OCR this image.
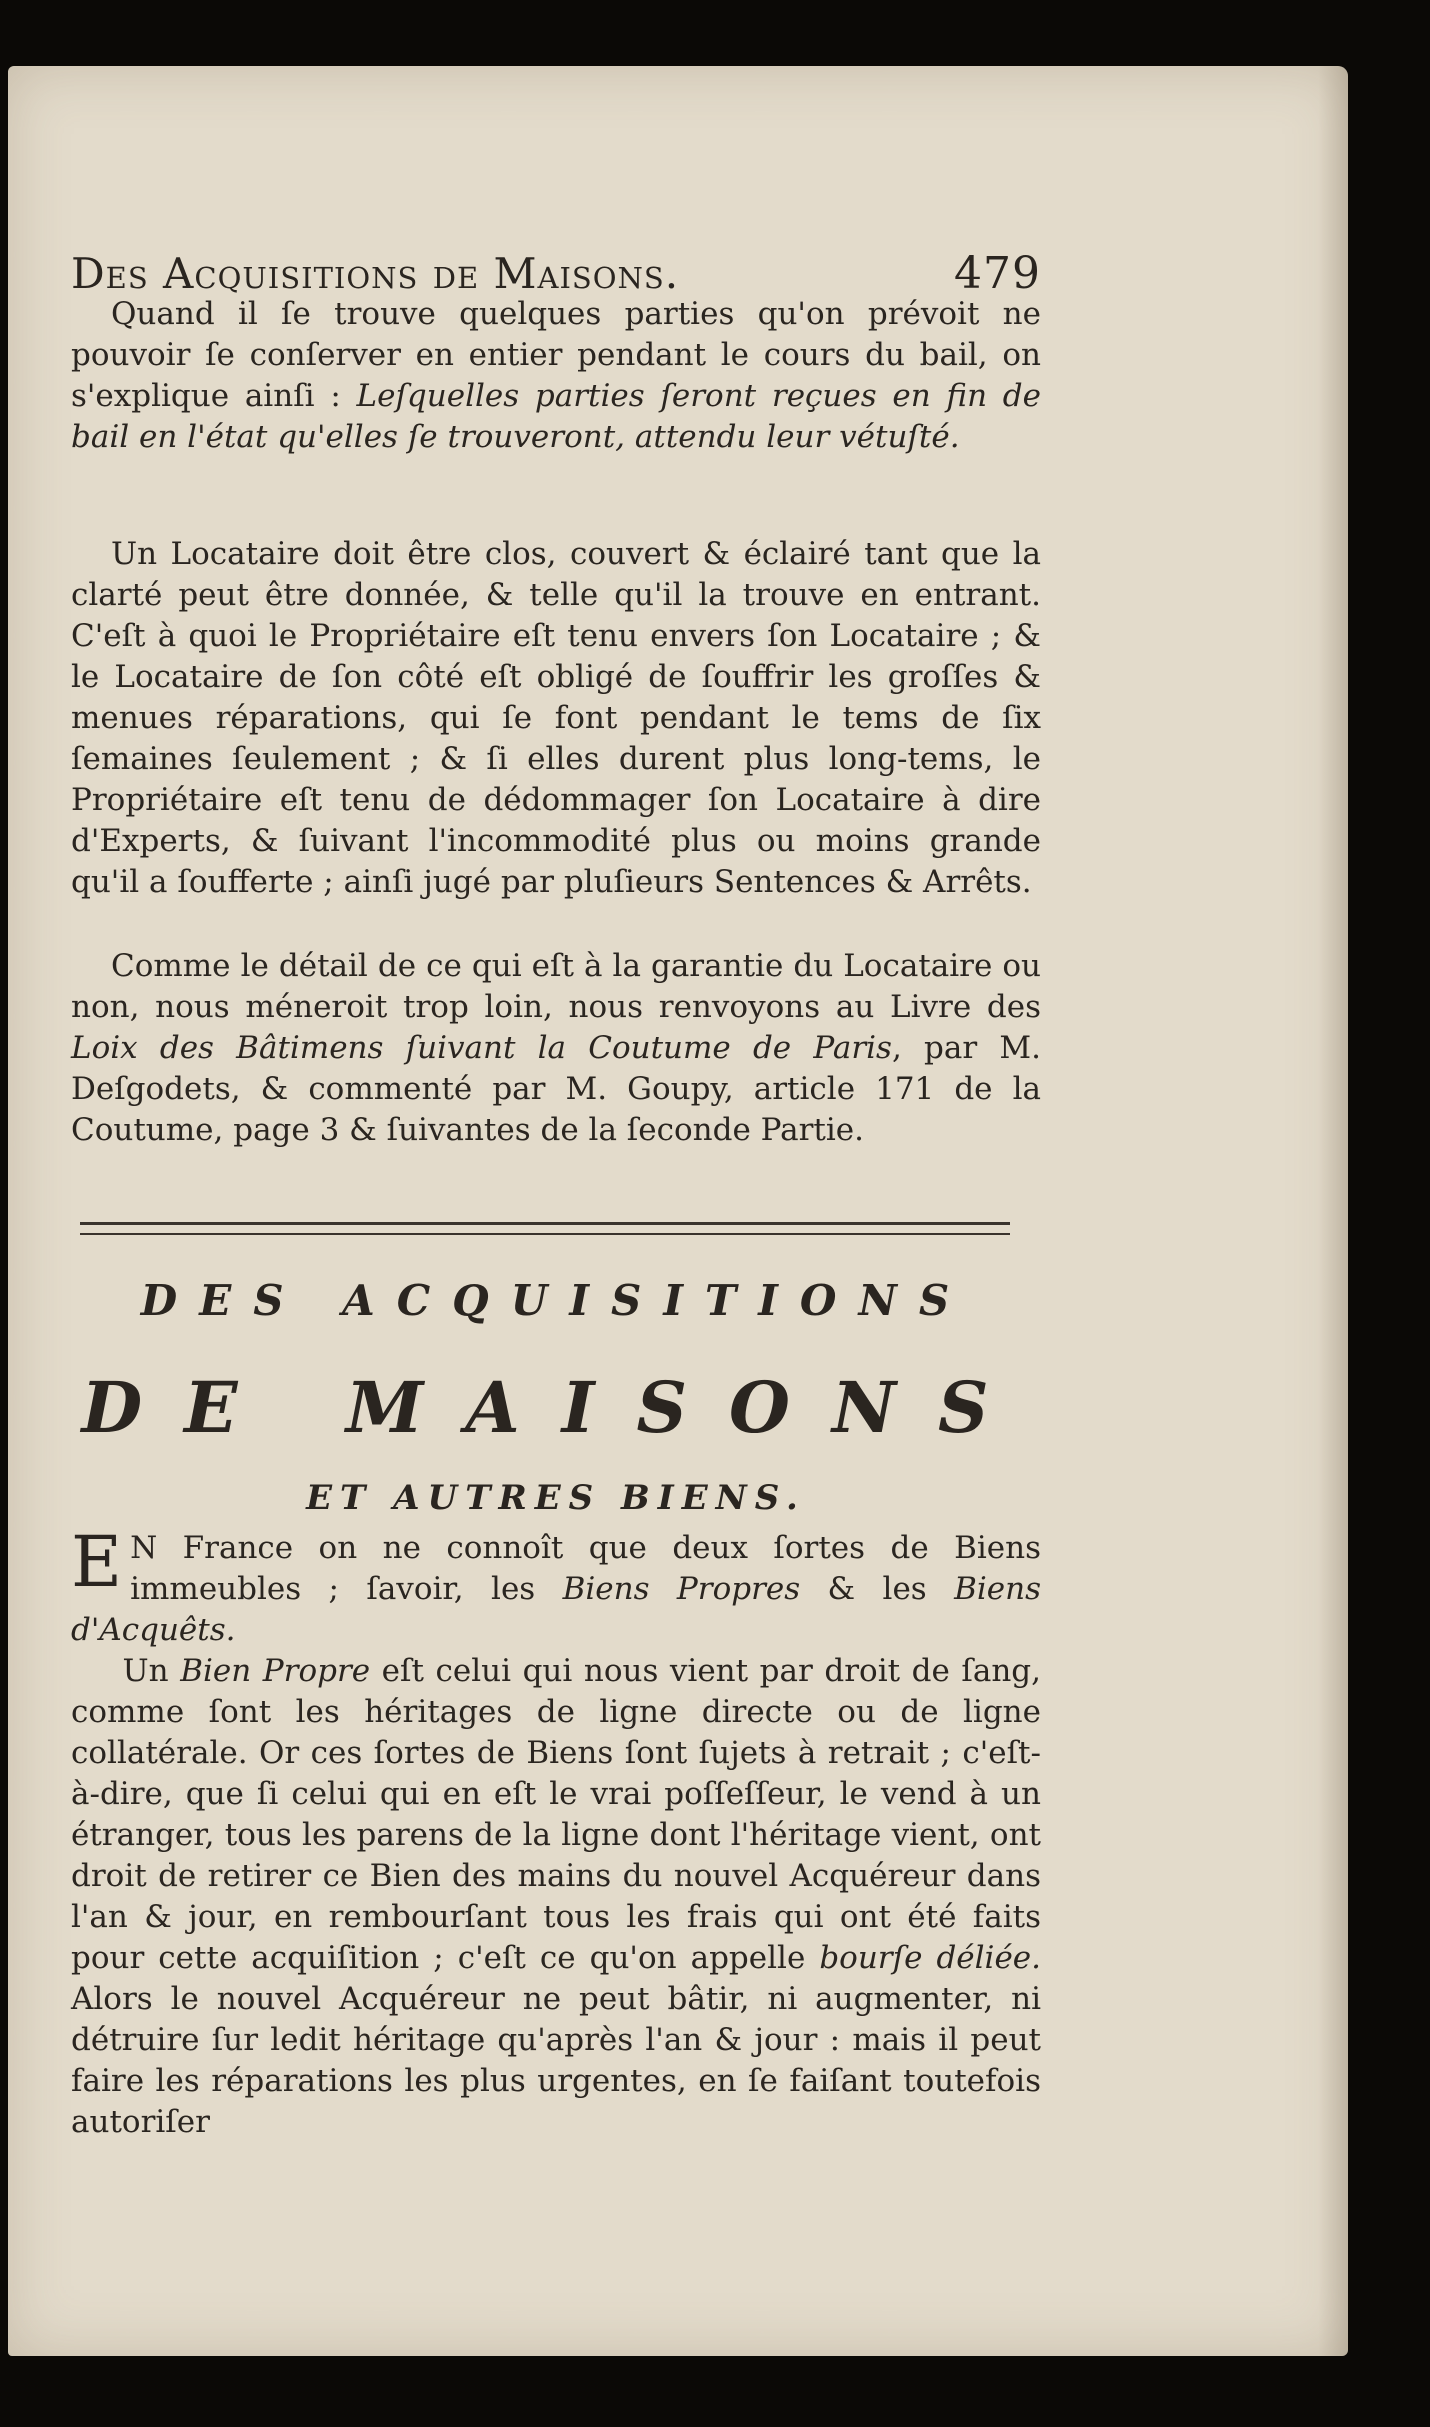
Des Acquisitions de Maisons.	479

Quand il ſe trouve quelques parties qu'on prévoit ne pouvoir ſe conſerver en entier pendant le cours du bail, on s'explique ainſi : Leſquelles parties ſeront reçues en fin de bail en l'état qu'elles ſe trouveront, attendu leur vétuſté.

Un Locataire doit être clos, couvert & éclairé tant que la clarté peut être donnée, & telle qu'il la trouve en entrant. C'eſt à quoi le Propriétaire eſt tenu envers ſon Locataire ; & le Locataire de ſon côté eſt obligé de ſouffrir les groſſes & menues réparations, qui ſe font pendant le tems de ſix ſemaines ſeulement ; & ſi elles durent plus long-tems, le Propriétaire eſt tenu de dédommager ſon Locataire à dire d'Experts, & ſuivant l'incommodité plus ou moins grande qu'il a ſoufferte ; ainſi jugé par pluſieurs Sentences & Arrêts.

Comme le détail de ce qui eſt à la garantie du Locataire ou non, nous méneroit trop loin, nous renvoyons au Livre des Loix des Bâtimens ſuivant la Coutume de Paris, par M. Deſgodets, & commenté par M. Goupy, article 171 de la Coutume, page 3 & ſuivantes de la ſeconde Partie.

DES ACQUISITIONS
DE MAISONS
ET AUTRES BIENS.

E N France on ne connoît que deux ſortes de Biens immeubles ; ſavoir, les Biens Propres & les Biens d'Acquêts.
Un Bien Propre eſt celui qui nous vient par droit de ſang, comme ſont les héritages de ligne directe ou de ligne collatérale. Or ces ſortes de Biens ſont ſujets à retrait ; c'eſt-à-dire, que ſi celui qui en eſt le vrai poſſeſſeur, le vend à un étranger, tous les parens de la ligne dont l'héritage vient, ont droit de retirer ce Bien des mains du nouvel Acquéreur dans l'an & jour, en rembourſant tous les frais qui ont été faits pour cette acquiſition ; c'eſt ce qu'on appelle bourſe déliée. Alors le nouvel Acquéreur ne peut bâtir, ni augmenter, ni détruire ſur ledit héritage qu'après l'an & jour : mais il peut faire les réparations les plus urgentes, en ſe faiſant toutefois autoriſer
